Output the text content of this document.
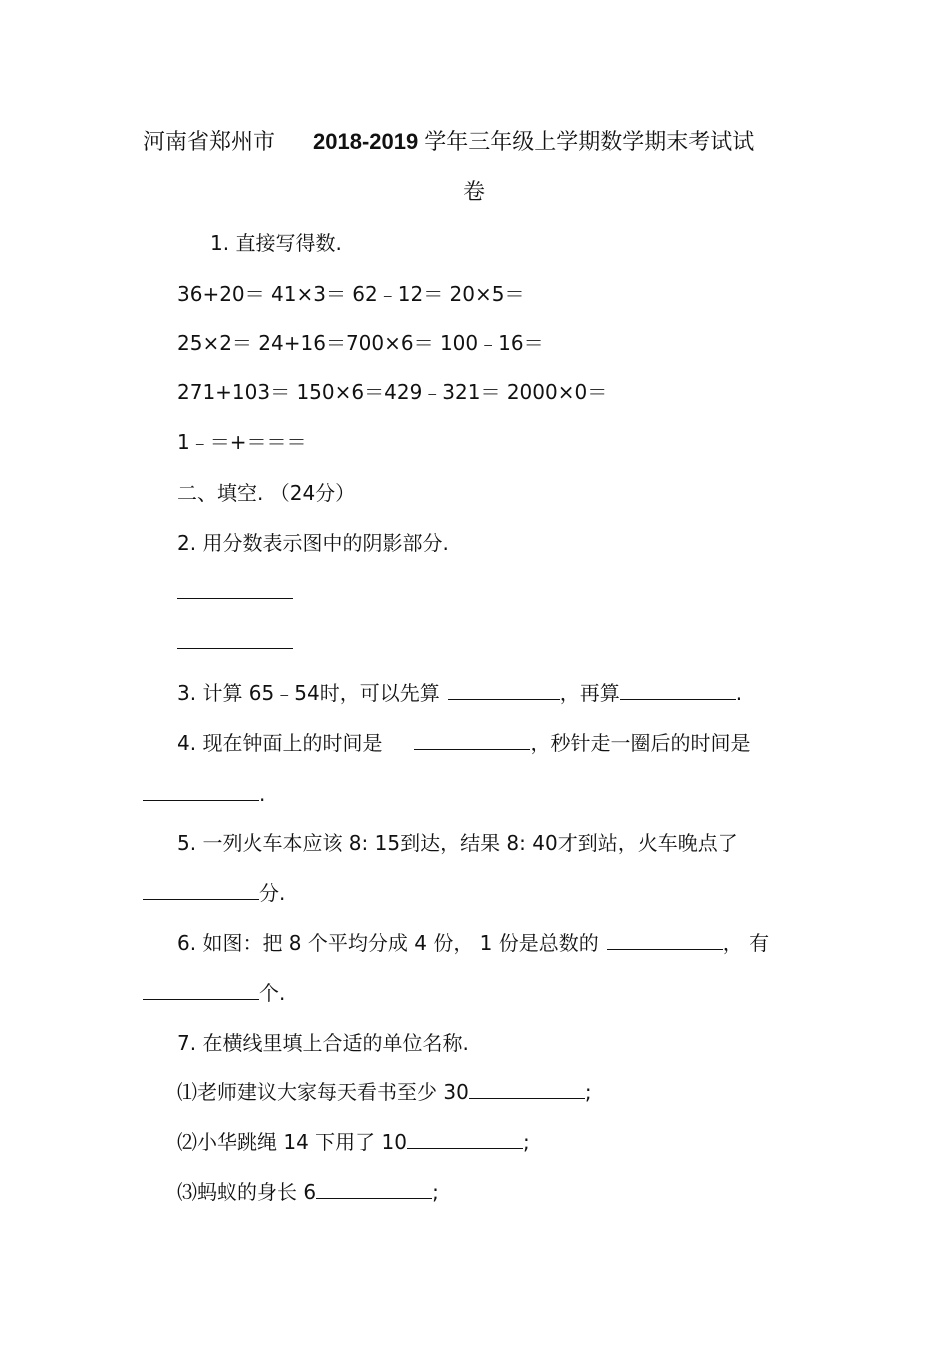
河南省郑州市 2018-2019 学年三年级上学期数学期末考试试
卷
1. 直接写得数.
36+20＝ 41×3＝ 62﹣12＝ 20×5＝
25×2＝ 24+16＝700×6＝ 100﹣16＝
271+103＝ 150×6＝429﹣321＝ 2000×0＝
1﹣＝+＝＝＝
二、填空. （24分）
2. 用分数表示图中的阴影部分.
3. 计算 65﹣54时，可以先算	，再算	.
4. 现在钟面上的时间是	，秒针走一圈后的时间是
.
5. 一列火车本应该 8: 15到达，结果 8: 40才到站，火车晚点了
分.
6. 如图：把 8 个平均分成 4 份， 1 份是总数的	， 有
个.
7. 在横线里填上合适的单位名称.
⑴老师建议大家每天看书至少 30	;
⑵小华跳绳 14 下用了 10	;
⑶蚂蚁的身长 6	;
